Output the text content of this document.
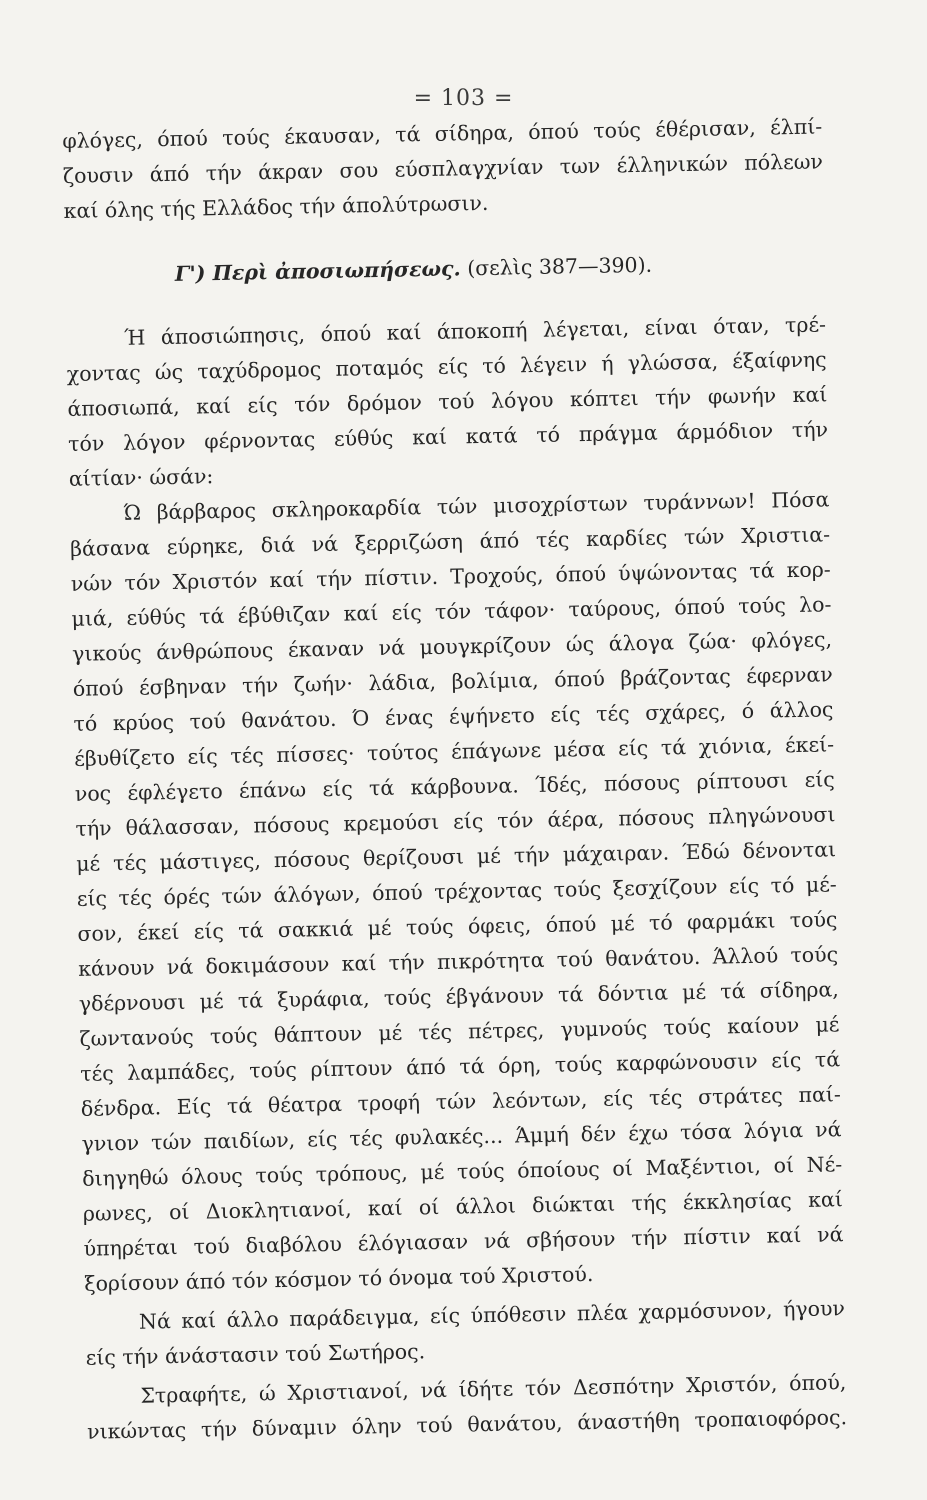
= 103 =
φλόγες, όπού τούς έκαυσαν, τά σίδηρα, όπού τούς έθέρισαν, έλπί-
ζουσιν άπό τήν άκραν σου εύσπλαγχνίαν των έλληνικών πόλεων
καί όλης τής Ελλάδος τήν άπολύτρωσιν.
Γ') Περὶ ἀποσιωπήσεως. (σελὶς 387—390).
Ή άποσιώπησις, όπού καί άποκοπή λέγεται, είναι όταν, τρέ-
χοντας ώς ταχύδρομος ποταμός είς τό λέγειν ή γλώσσα, έξαίφνης
άποσιωπά, καί είς τόν δρόμον τού λόγου κόπτει τήν φωνήν καί
τόν λόγον φέρνοντας εύθύς καί κατά τό πράγμα άρμόδιον τήν
αίτίαν· ώσάν:
Ώ βάρβαρος σκληροκαρδία τών μισοχρίστων τυράννων! Πόσα
βάσανα εύρηκε, διά νά ξερριζώση άπό τές καρδίες τών Χριστια-
νών τόν Χριστόν καί τήν πίστιν. Τροχούς, όπού ύψώνοντας τά κορ-
μιά, εύθύς τά έβύθιζαν καί είς τόν τάφον· ταύρους, όπού τούς λο-
γικούς άνθρώπους έκαναν νά μουγκρίζουν ώς άλογα ζώα· φλόγες,
όπού έσβηναν τήν ζωήν· λάδια, βολίμια, όπού βράζοντας έφερναν
τό κρύος τού θανάτου. Ό ένας έψήνετο είς τές σχάρες, ό άλλος
έβυθίζετο είς τές πίσσες· τούτος έπάγωνε μέσα είς τά χιόνια, έκεί-
νος έφλέγετο έπάνω είς τά κάρβουνα. Ίδές, πόσους ρίπτουσι είς
τήν θάλασσαν, πόσους κρεμούσι είς τόν άέρα, πόσους πληγώνουσι
μέ τές μάστιγες, πόσους θερίζουσι μέ τήν μάχαιραν. Έδώ δένονται
είς τές όρές τών άλόγων, όπού τρέχοντας τούς ξεσχίζουν είς τό μέ-
σον, έκεί είς τά σακκιά μέ τούς όφεις, όπού μέ τό φαρμάκι τούς
κάνουν νά δοκιμάσουν καί τήν πικρότητα τού θανάτου. Άλλού τούς
γδέρνουσι μέ τά ξυράφια, τούς έβγάνουν τά δόντια μέ τά σίδηρα,
ζωντανούς τούς θάπτουν μέ τές πέτρες, γυμνούς τούς καίουν μέ
τές λαμπάδες, τούς ρίπτουν άπό τά όρη, τούς καρφώνουσιν είς τά
δένδρα. Είς τά θέατρα τροφή τών λεόντων, είς τές στράτες παί-
γνιον τών παιδίων, είς τές φυλακές... Άμμή δέν έχω τόσα λόγια νά
διηγηθώ όλους τούς τρόπους, μέ τούς όποίους οί Μαξέντιοι, οί Νέ-
ρωνες, οί Διοκλητιανοί, καί οί άλλοι διώκται τής έκκλησίας καί
ύπηρέται τού διαβόλου έλόγιασαν νά σβήσουν τήν πίστιν καί νά
ξορίσουν άπό τόν κόσμον τό όνομα τού Χριστού.
Νά καί άλλο παράδειγμα, είς ύπόθεσιν πλέα χαρμόσυνον, ήγουν
είς τήν άνάστασιν τού Σωτήρος.
Στραφήτε, ώ Χριστιανοί, νά ίδήτε τόν Δεσπότην Χριστόν, όπού,
νικώντας τήν δύναμιν όλην τού θανάτου, άναστήθη τροπαιοφόρος.
